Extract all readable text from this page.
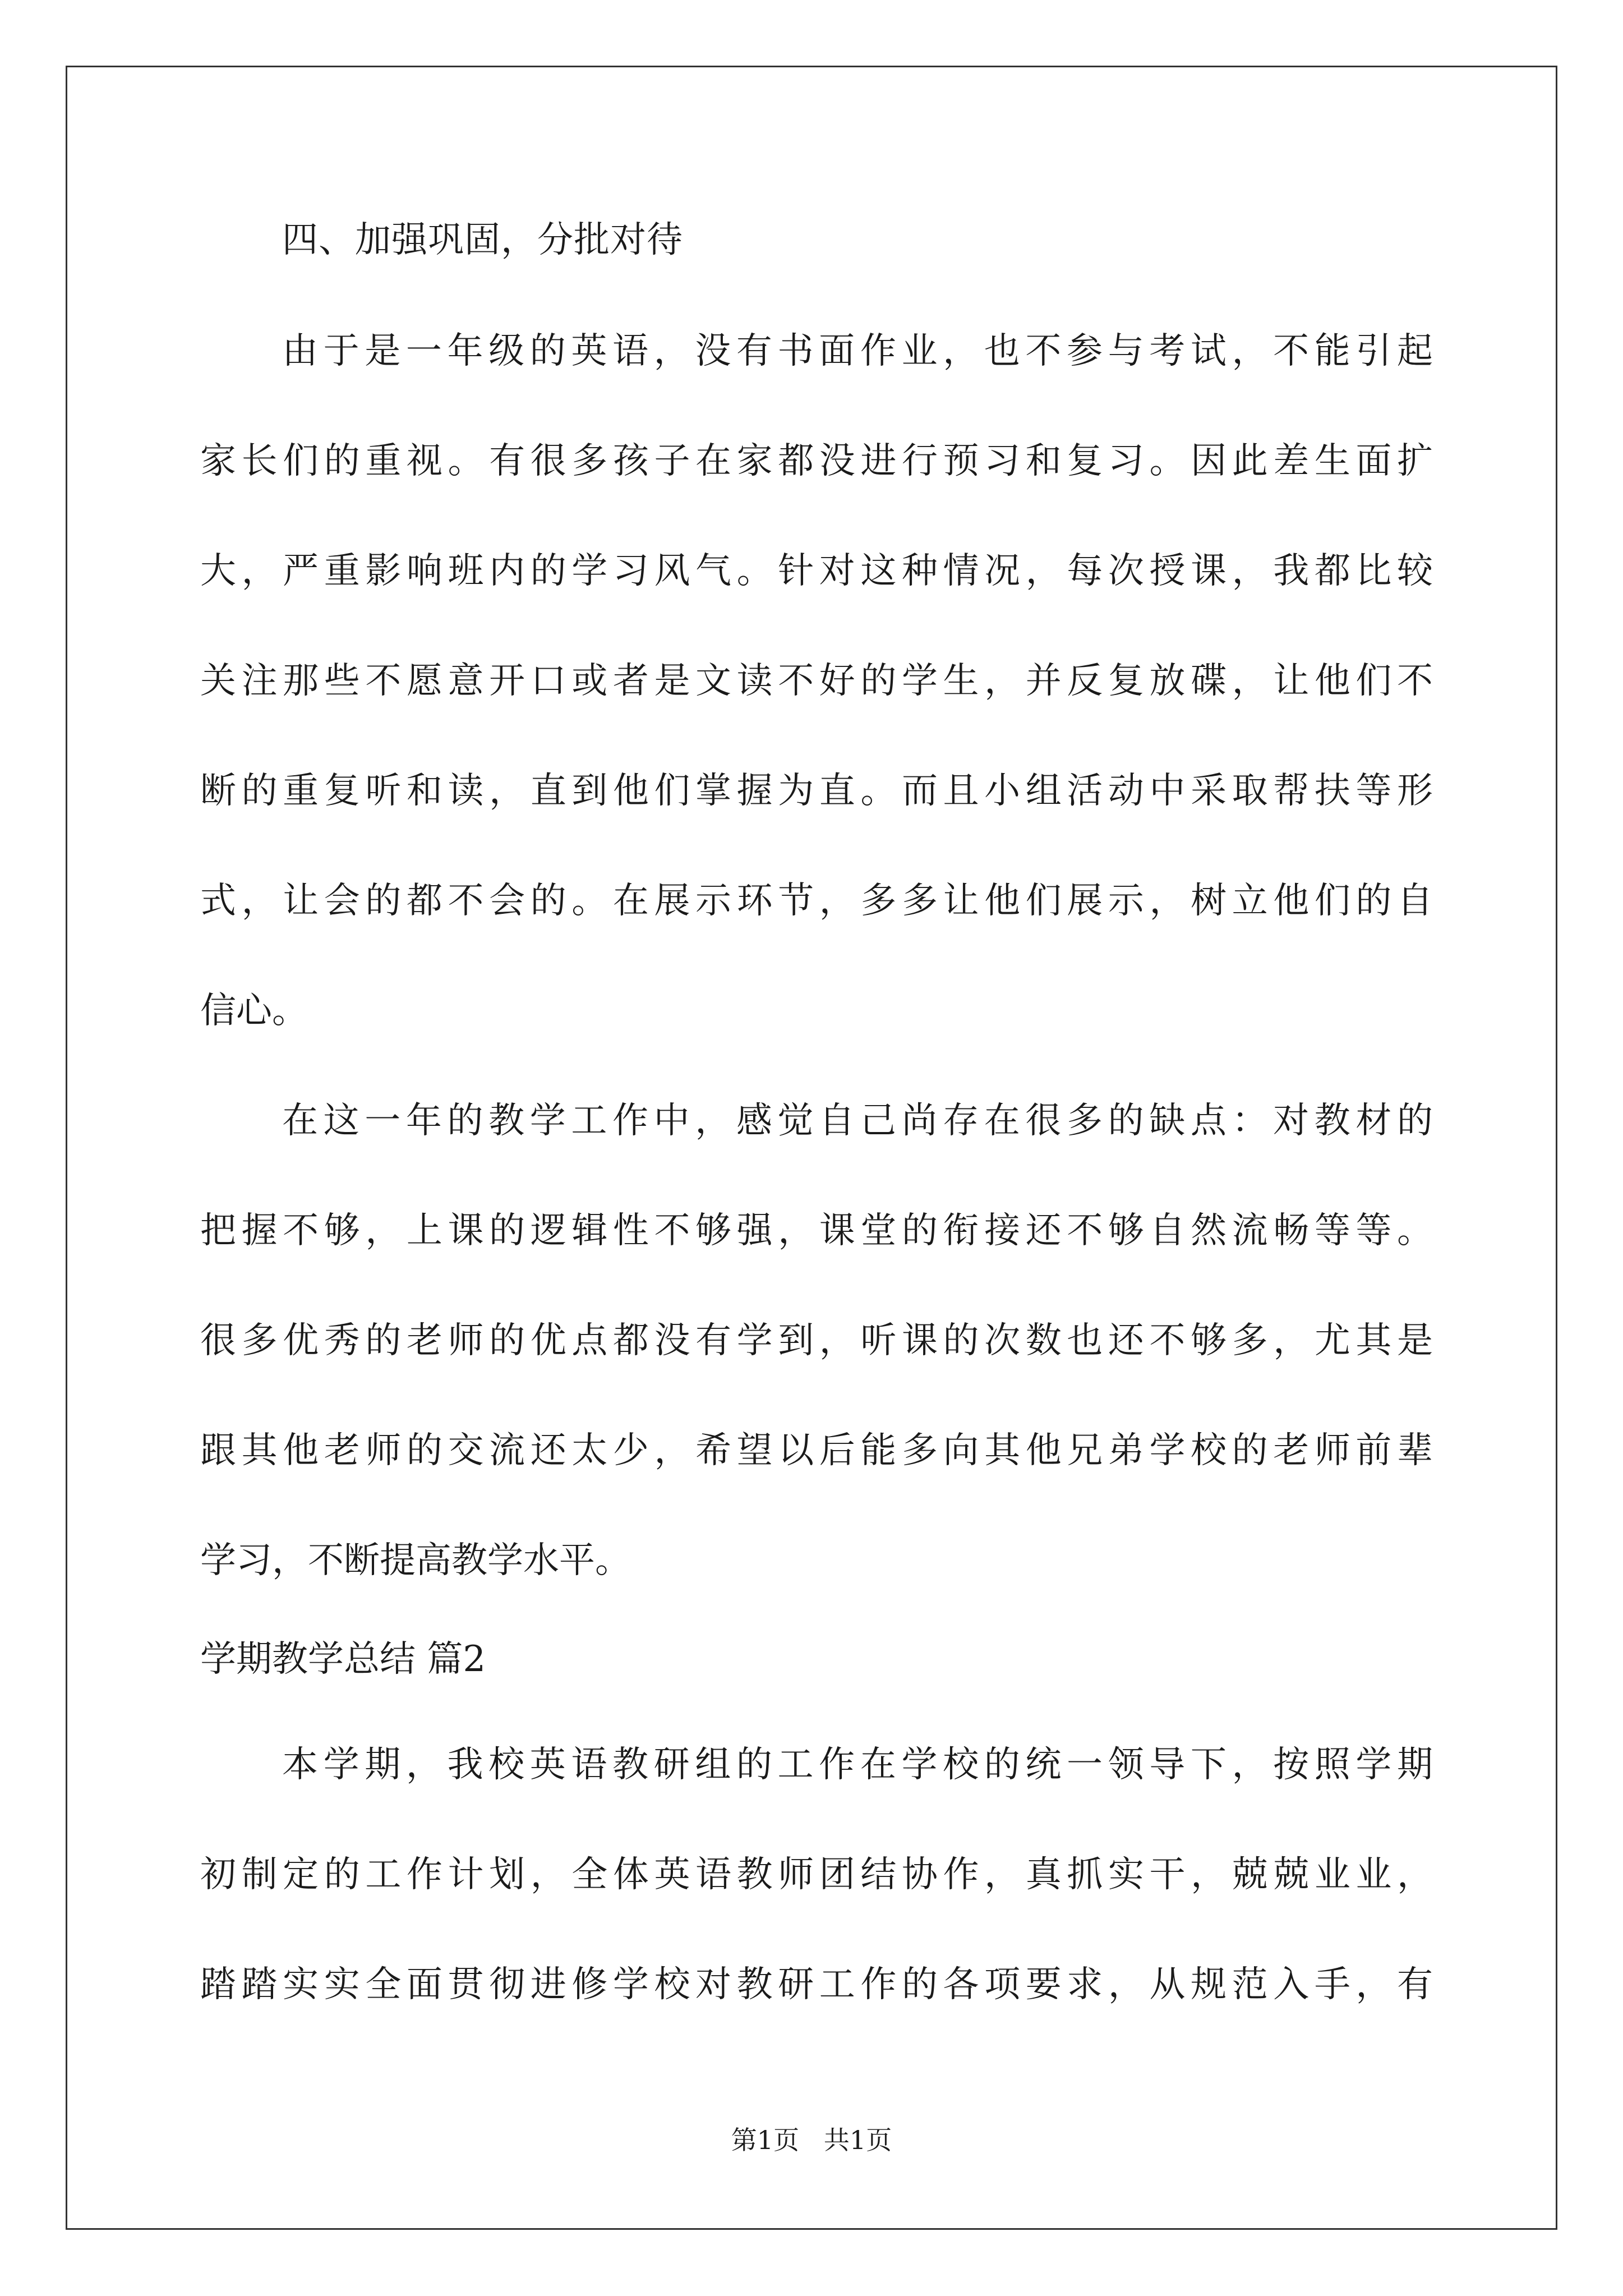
四、加强巩固，分批对待
由于是一年级的英语，没有书面作业，也不参与考试，不能引起
家长们的重视。有很多孩子在家都没进行预习和复习。因此差生面扩
大，严重影响班内的学习风气。针对这种情况，每次授课，我都比较
关注那些不愿意开口或者是文读不好的学生，并反复放碟，让他们不
断的重复听和读，直到他们掌握为直。而且小组活动中采取帮扶等形
式，让会的都不会的。在展示环节，多多让他们展示，树立他们的自
信心。
在这一年的教学工作中，感觉自己尚存在很多的缺点：对教材的
把握不够，上课的逻辑性不够强，课堂的衔接还不够自然流畅等等。
很多优秀的老师的优点都没有学到，听课的次数也还不够多，尤其是
跟其他老师的交流还太少，希望以后能多向其他兄弟学校的老师前辈
学习，不断提高教学水平。
学期教学总结 篇2
本学期，我校英语教研组的工作在学校的统一领导下，按照学期
初制定的工作计划，全体英语教师团结协作，真抓实干，兢兢业业，
踏踏实实全面贯彻进修学校对教研工作的各项要求，从规范入手，有
第1页   共1页
